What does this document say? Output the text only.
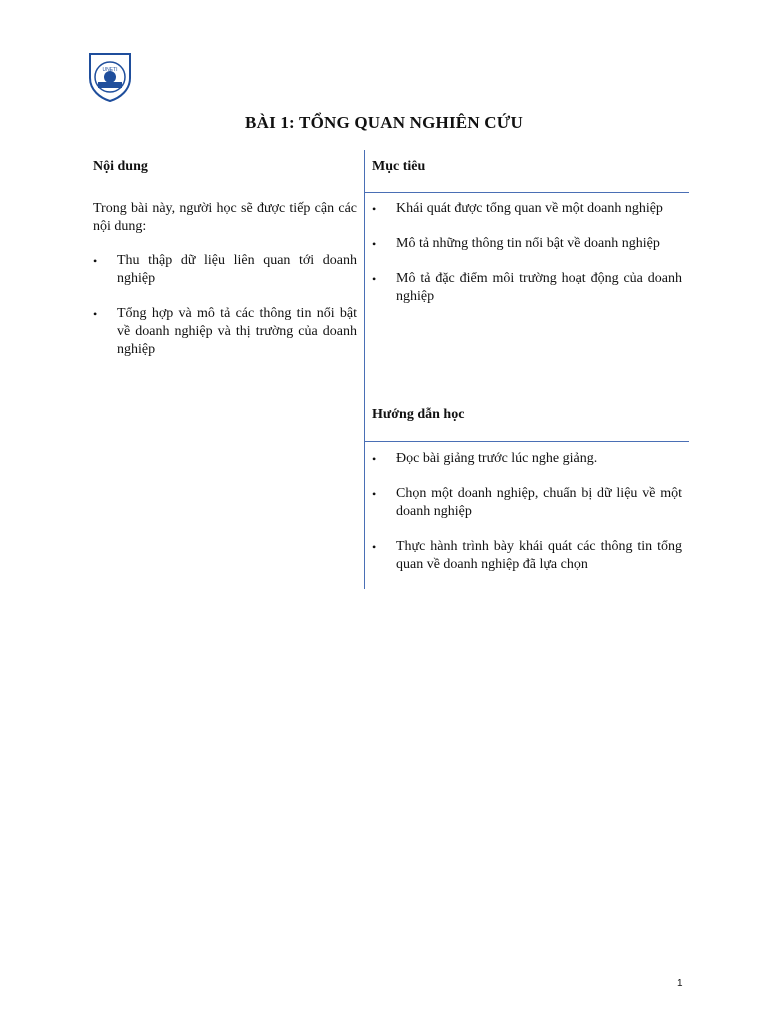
UNETI
BÀI 1: TỔNG QUAN NGHIÊN CỨU
Nội dung	Mục tiêu
Hướng dẫn học

Trong bài này, người học sẽ được tiếp cận các nội dung:

• Thu thập dữ liệu liên quan tới doanh nghiệp
• Tổng hợp và mô tả các thông tin nổi bật về doanh nghiệp và thị trường của doanh nghiệp
• Khái quát được tổng quan về một doanh nghiệp
• Mô tả những thông tin nổi bật về doanh nghiệp
• Mô tả đặc điểm môi trường hoạt động của doanh nghiệp
• Đọc bài giảng trước lúc nghe giảng.
• Chọn một doanh nghiệp, chuẩn bị dữ liệu về một doanh nghiệp
• Thực hành trình bày khái quát các thông tin tổng quan về doanh nghiệp đã lựa chọn
1
